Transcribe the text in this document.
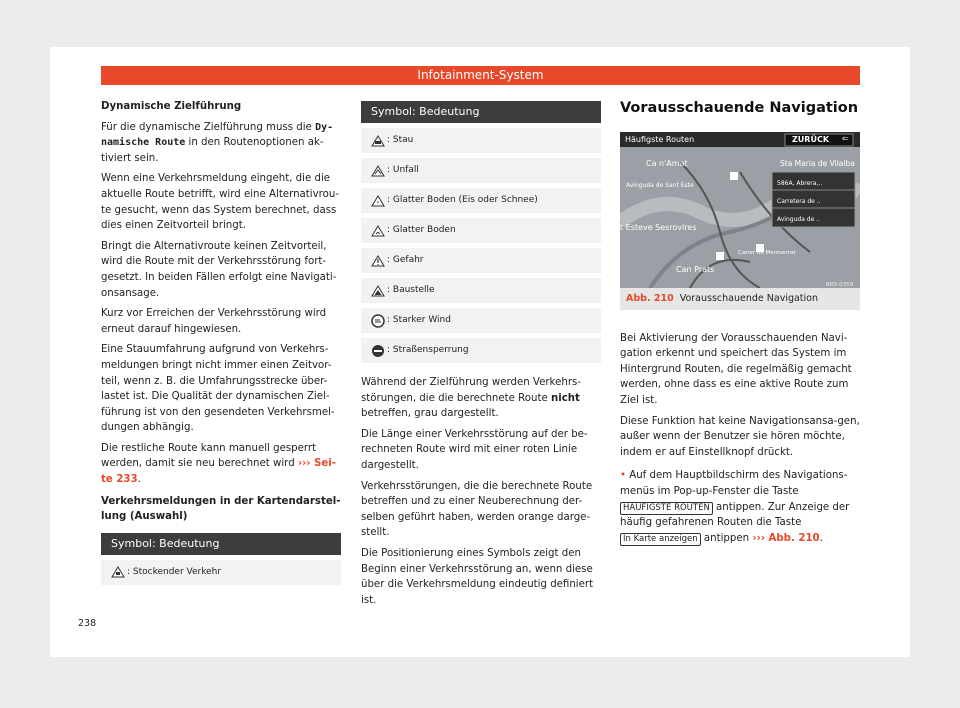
Infotainment-System

Dynamische Zielführung

Für die dynamische Zielführung muss die Dy-namische Route in den Routenoptionen ak-tiviert sein.

Wenn eine Verkehrsmeldung eingeht, die die aktuelle Route betrifft, wird eine Alternativrou-te gesucht, wenn das System berechnet, dass dies einen Zeitvorteil bringt.

Bringt die Alternativroute keinen Zeitvorteil, wird die Route mit der Verkehrsstörung fort-gesetzt. In beiden Fällen erfolgt eine Navigati-onsansage.

Kurz vor Erreichen der Verkehrsstörung wird erneut darauf hingewiesen.

Eine Stauumfahrung aufgrund von Verkehrs-meldungen bringt nicht immer einen Zeitvor-teil, wenn z. B. die Umfahrungsstrecke über-lastet ist. Die Qualität der dynamischen Ziel-führung ist von den gesendeten Verkehrsmel-dungen abhängig.

Die restliche Route kann manuell gesperrt werden, damit sie neu berechnet wird ››› Sei-te 233.

Verkehrsmeldungen in der Kartendarstel-lung (Auswahl)

Symbol: Bedeutung
: Stockender Verkehr
Symbol: Bedeutung
: Stau
: Unfall
* : Glatter Boden (Eis oder Schnee)
: Glatter Boden
: Gefahr
: Baustelle
: Starker Wind
: Straßensperrung

Während der Zielführung werden Verkehrs-störungen, die die berechnete Route nicht betreffen, grau dargestellt.

Die Länge einer Verkehrsstörung auf der be-rechneten Route wird mit einer roten Linie dargestellt.

Verkehrsstörungen, die die berechnete Route betreffen und zu einer Neuberechnung der-selben geführt haben, werden orange darge-stellt.

Die Positionierung eines Symbols zeigt den Beginn einer Verkehrsstörung an, wenn diese über die Verkehrsmeldung eindeutig definiert ist.

Vorausschauende Navigation
Häufigste Routen	ZURÜCK ⇐
Ca n'Amat	Sta Maria de Vilalba
Avinguda de Sant Este
t Esteve Sesrovires
Carrer de Montserrat
Can Prats
586A, Abrera,..
Carretera de ..
Avinguda de ..
BRS-0359
Abb. 210 Vorausschauende Navigation

Bei Aktivierung der Vorausschauenden Navi-gation erkennt und speichert das System im Hintergrund Routen, die regelmäßig gemacht werden, ohne dass es eine aktive Route zum Ziel ist.

Diese Funktion hat keine Navigationsansa-gen, außer wenn der Benutzer sie hören möchte, indem er auf Einstellknopf drückt.

• Auf dem Hauptbildschirm des Navigations-menüs im Pop-up-Fenster die Taste HÄUFIGSTE ROUTEN antippen. Zur Anzeige der häufig gefahrenen Routen die Taste In Karte anzeigen antippen ››› Abb. 210.

238
